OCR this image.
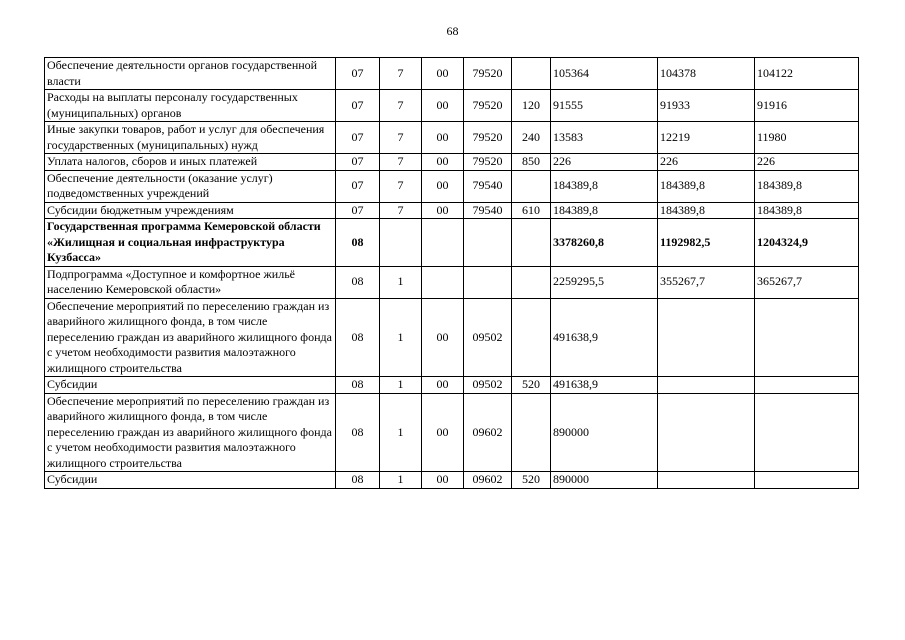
68
Обеспечение деятельности органов государственной власти	07	7	00	79520		105364	104378	104122
Расходы на выплаты персоналу государственных (муниципальных) органов	07	7	00	79520	120	91555	91933	91916
Иные закупки товаров, работ и услуг для обеспечения государственных (муниципальных) нужд	07	7	00	79520	240	13583	12219	11980
Уплата налогов, сборов и иных платежей	07	7	00	79520	850	226	226	226
Обеспечение деятельности (оказание услуг) подведомственных учреждений	07	7	00	79540		184389,8	184389,8	184389,8
Субсидии бюджетным учреждениям	07	7	00	79540	610	184389,8	184389,8	184389,8
Государственная программа Кемеровской области «Жилищная и социальная инфраструктура Кузбасса»	08					3378260,8	1192982,5	1204324,9
Подпрограмма «Доступное и комфортное жильё населению Кемеровской области»	08	1				2259295,5	355267,7	365267,7
Обеспечение мероприятий по переселению граждан из аварийного жилищного фонда, в том числе переселению граждан из аварийного жилищного фонда с учетом необходимости развития малоэтажного жилищного строительства	08	1	00	09502		491638,9		
Субсидии	08	1	00	09502	520	491638,9		
Обеспечение мероприятий по переселению граждан из аварийного жилищного фонда, в том числе переселению граждан из аварийного жилищного фонда с учетом необходимости развития малоэтажного жилищного строительства	08	1	00	09602		890000		
Субсидии	08	1	00	09602	520	890000		
